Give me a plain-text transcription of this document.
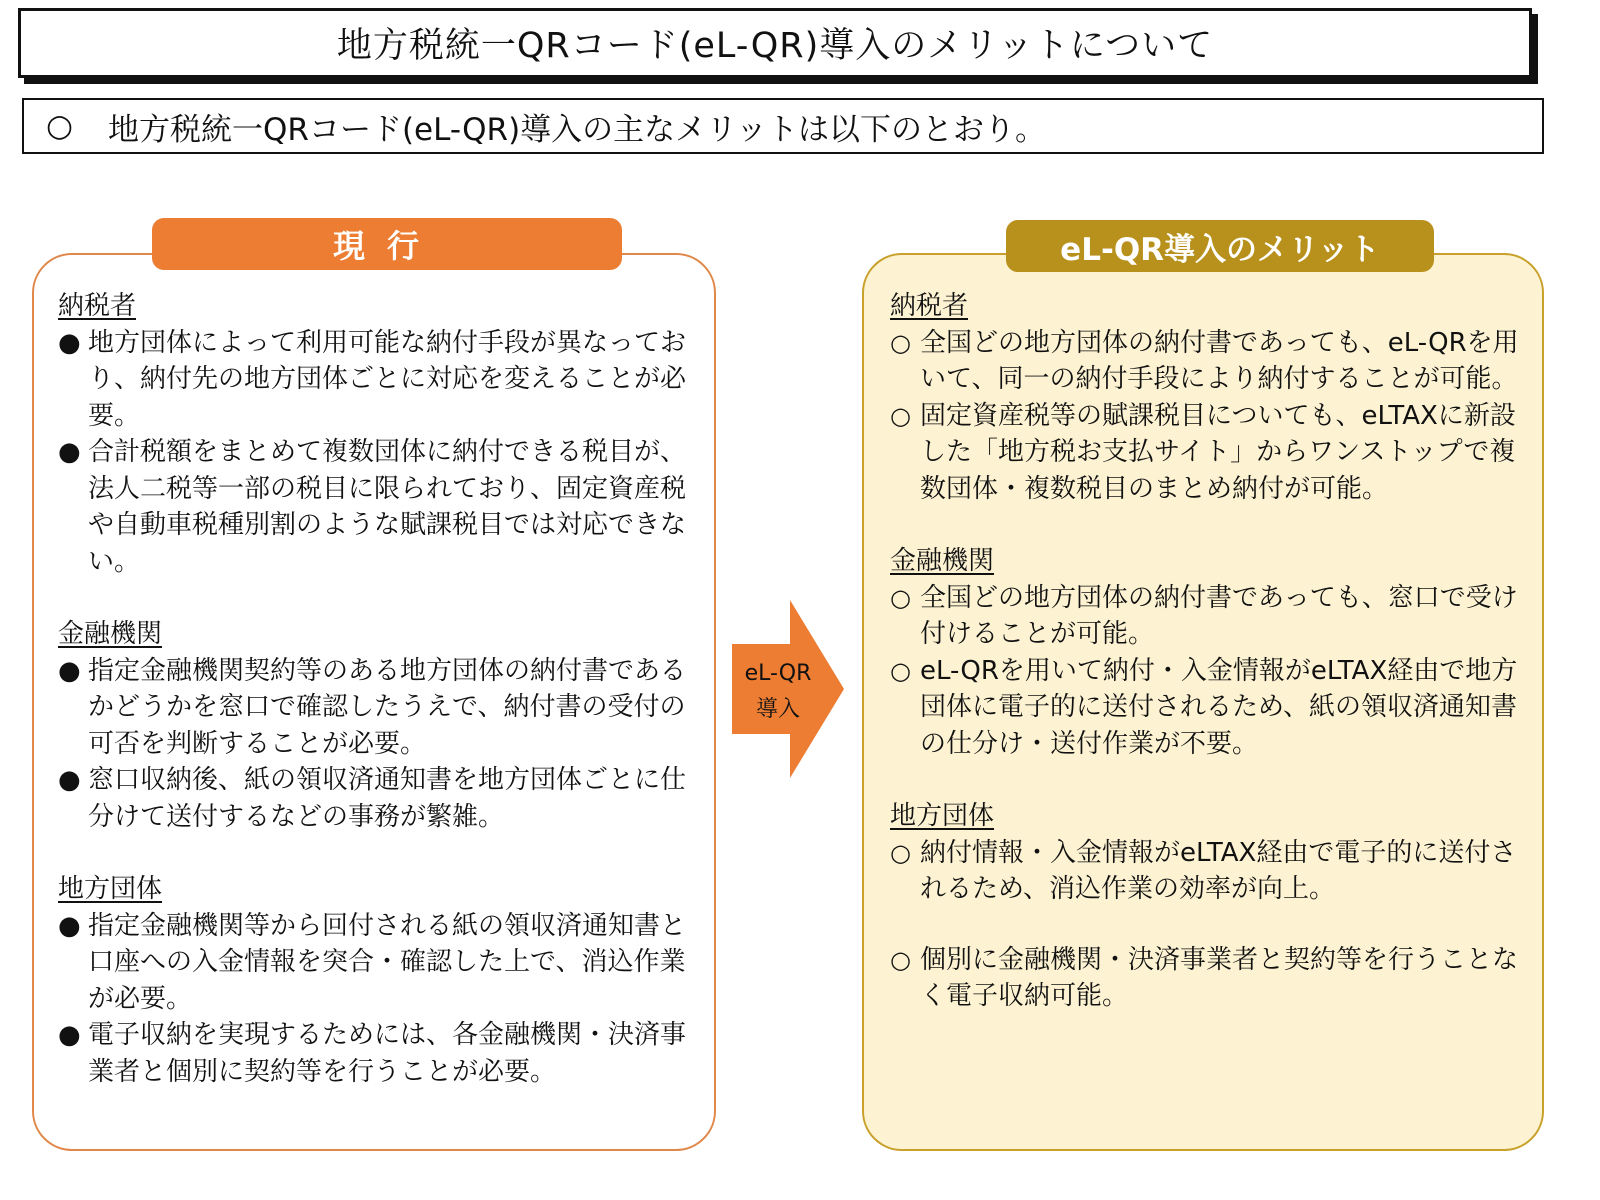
地方税統一QRコード(eL-QR)導入のメリットについて
○	地方税統一QRコード(eL-QR)導入の主なメリットは以下のとおり。
現行
納税者
● 地方団体によって利用可能な納付手段が異なっており、納付先の地方団体ごとに対応を変えることが必要。
● 合計税額をまとめて複数団体に納付できる税目が、法人二税等一部の税目に限られており、固定資産税や自動車税種別割のような賦課税目では対応できない。
金融機関
● 指定金融機関契約等のある地方団体の納付書であるかどうかを窓口で確認したうえで、納付書の受付の可否を判断することが必要。
● 窓口収納後、紙の領収済通知書を地方団体ごとに仕分けて送付するなどの事務が繁雑。
地方団体
● 指定金融機関等から回付される紙の領収済通知書と口座への入金情報を突合・確認した上で、消込作業が必要。
● 電子収納を実現するためには、各金融機関・決済事業者と個別に契約等を行うことが必要。
eL-QR
導入
eL-QR導入のメリット
納税者
○ 全国どの地方団体の納付書であっても、eL-QRを用いて、同一の納付手段により納付することが可能。
○ 固定資産税等の賦課税目についても、eLTAXに新設した「地方税お支払サイト」からワンストップで複数団体・複数税目のまとめ納付が可能。
金融機関
○ 全国どの地方団体の納付書であっても、窓口で受け付けることが可能。
○ eL-QRを用いて納付・入金情報がeLTAX経由で地方団体に電子的に送付されるため、紙の領収済通知書の仕分け・送付作業が不要。
地方団体
○ 納付情報・入金情報がeLTAX経由で電子的に送付されるため、消込作業の効率が向上。
○ 個別に金融機関・決済事業者と契約等を行うことなく電子収納可能。
